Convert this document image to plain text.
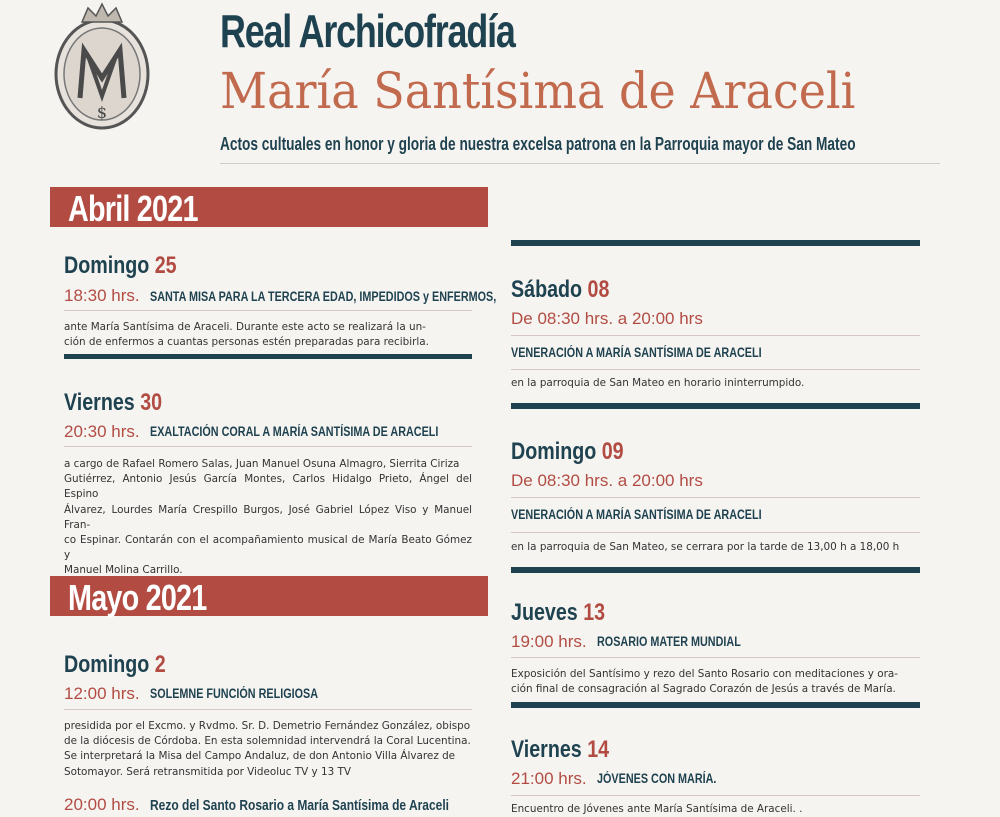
$
Real Archicofradía
María Santísima de Araceli
Actos cultuales en honor y gloria de nuestra excelsa patrona en la Parroquia mayor de San Mateo
Abril 2021
Domingo 25
18:30 hrs. SANTA MISA PARA LA TERCERA EDAD, IMPEDIDOS y ENFERMOS,
ante María Santísima de Araceli. Durante este acto se realizará la un-
ción de enfermos a cuantas personas estén preparadas para recibirla.
Viernes 30
20:30 hrs. EXALTACIÓN CORAL A MARÍA SANTÍSIMA DE ARACELI
a cargo de Rafael Romero Salas, Juan Manuel Osuna Almagro, Sierrita Ciriza
Gutiérrez, Antonio Jesús García Montes, Carlos Hidalgo Prieto, Ángel del Espino
Álvarez, Lourdes María Crespillo Burgos, José Gabriel López Viso y Manuel Fran-
co Espinar. Contarán con el acompañamiento musical de María Beato Gómez y
Manuel Molina Carrillo.
Mayo 2021
Domingo 2
12:00 hrs. SOLEMNE FUNCIÓN RELIGIOSA
presidida por el Excmo. y Rvdmo. Sr. D. Demetrio Fernández González, obispo
de la diócesis de Córdoba. En esta solemnidad intervendrá la Coral Lucentina.
Se interpretará la Misa del Campo Andaluz, de don Antonio Villa Álvarez de
Sotomayor. Será retransmitida por Videoluc TV y 13 TV
20:00 hrs. Rezo del Santo Rosario a María Santísima de Araceli
Sábado 08
De 08:30 hrs. a 20:00 hrs
VENERACIÓN A MARÍA SANTÍSIMA DE ARACELI
en la parroquia de San Mateo en horario ininterrumpido.
Domingo 09
De 08:30 hrs. a 20:00 hrs
VENERACIÓN A MARÍA SANTÍSIMA DE ARACELI
en la parroquia de San Mateo, se cerrara por la tarde de 13,00 h a 18,00 h
Jueves 13
19:00 hrs. ROSARIO MATER MUNDIAL
Exposición del Santísimo y rezo del Santo Rosario con meditaciones y ora-
ción final de consagración al Sagrado Corazón de Jesús a través de María.
Viernes 14
21:00 hrs. JÓVENES CON MARÍA.
Encuentro de Jóvenes ante María Santísima de Araceli. .
